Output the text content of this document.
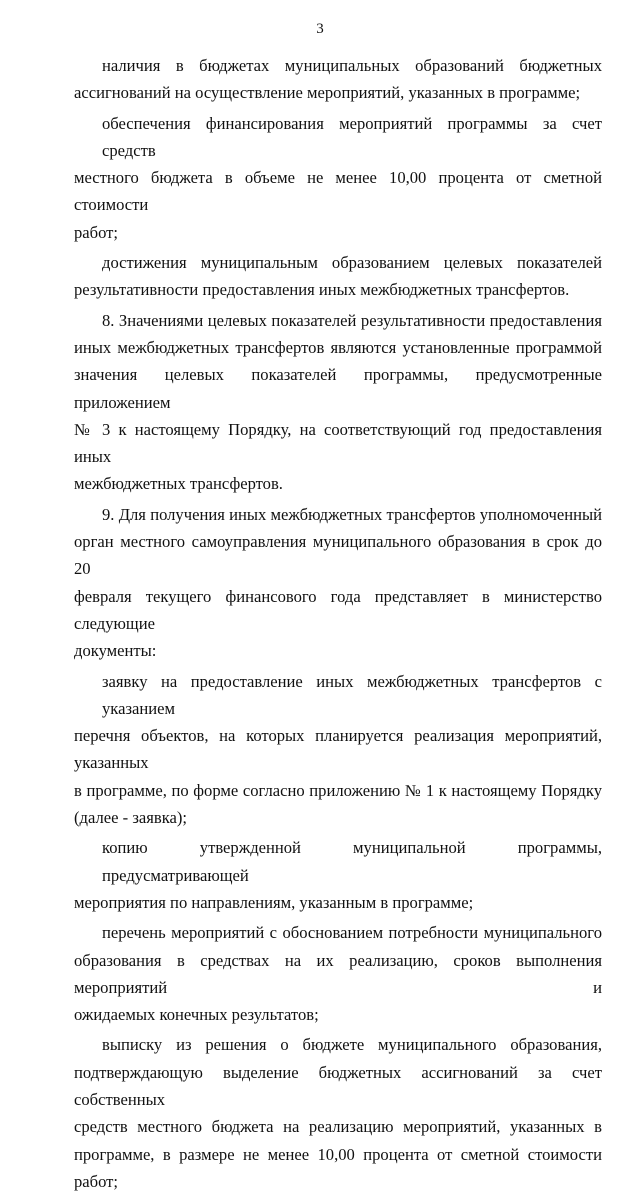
3

наличия в бюджетах муниципальных образований бюджетных
ассигнований на осуществление мероприятий, указанных в программе;

обеспечения финансирования мероприятий программы за счет средств
местного бюджета в объеме не менее 10,00 процента от сметной стоимости
работ;

достижения муниципальным образованием целевых показателей
результативности предоставления иных межбюджетных трансфертов.

8. Значениями целевых показателей результативности предоставления
иных межбюджетных трансфертов являются установленные программой
значения целевых показателей программы, предусмотренные приложением
№ 3 к настоящему Порядку, на соответствующий год предоставления иных
межбюджетных трансфертов.

9. Для получения иных межбюджетных трансфертов уполномоченный
орган местного самоуправления муниципального образования в срок до 20
февраля текущего финансового года представляет в министерство следующие
документы:

заявку на предоставление иных межбюджетных трансфертов с указанием
перечня объектов, на которых планируется реализация мероприятий, указанных
в программе, по форме согласно приложению № 1 к настоящему Порядку
(далее - заявка);

копию утвержденной муниципальной программы, предусматривающей
мероприятия по направлениям, указанным в программе;

перечень мероприятий с обоснованием потребности муниципального
образования в средствах на их реализацию, сроков выполнения мероприятий и
ожидаемых конечных результатов;

выписку из решения о бюджете муниципального образования,
подтверждающую выделение бюджетных ассигнований за счет собственных
средств местного бюджета на реализацию мероприятий, указанных в
программе, в размере не менее 10,00 процента от сметной стоимости работ;
